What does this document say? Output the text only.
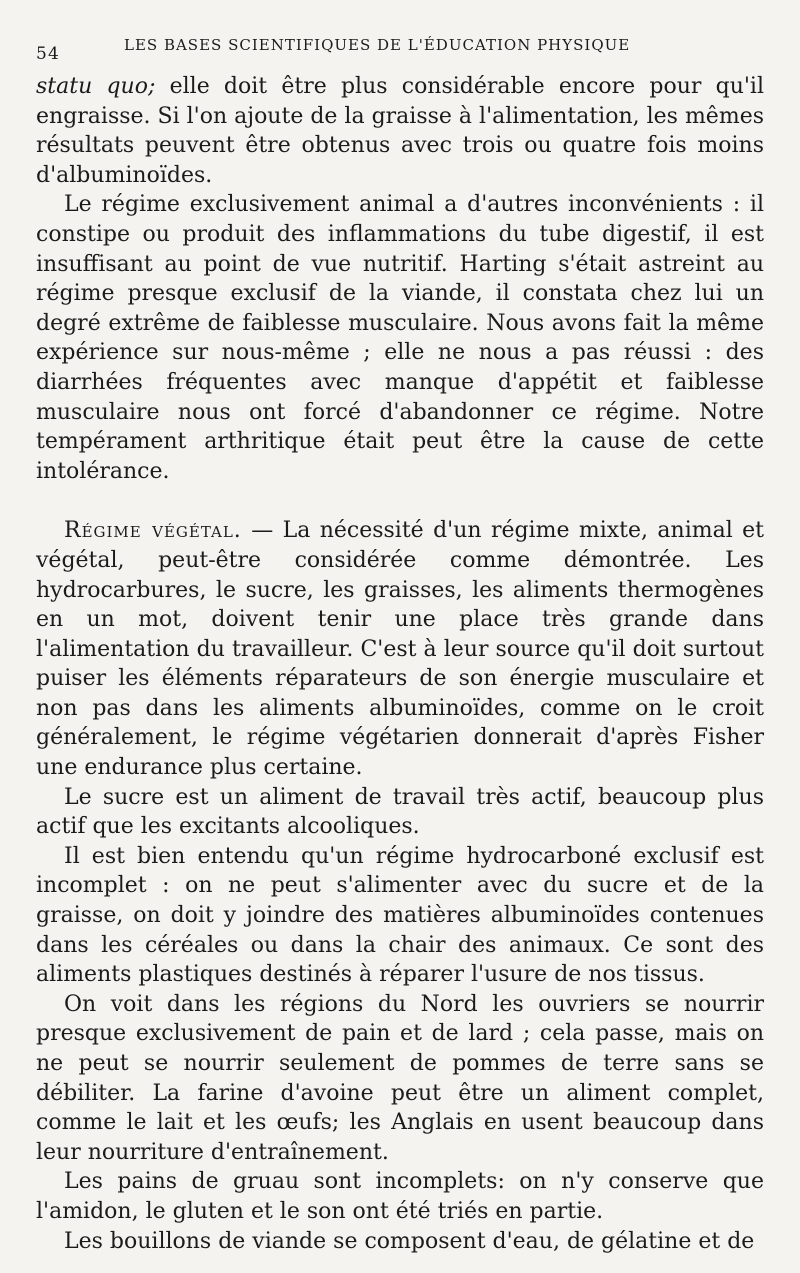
54	LES BASES SCIENTIFIQUES DE L'ÉDUCATION PHYSIQUE

statu quo; elle doit être plus considérable encore pour qu'il engraisse. Si l'on ajoute de la graisse à l'alimentation, les mêmes résultats peuvent être obtenus avec trois ou quatre fois moins d'albuminoïdes.

Le régime exclusivement animal a d'autres inconvénients : il constipe ou produit des inflammations du tube digestif, il est insuffisant au point de vue nutritif. Harting s'était astreint au régime presque exclusif de la viande, il constata chez lui un degré extrême de faiblesse musculaire. Nous avons fait la même expérience sur nous-même ; elle ne nous a pas réussi : des diarrhées fréquentes avec manque d'appétit et faiblesse musculaire nous ont forcé d'abandonner ce régime. Notre tempérament arthritique était peut être la cause de cette intolérance.

Régime végétal. — La nécessité d'un régime mixte, animal et végétal, peut-être considérée comme démontrée. Les hydrocarbures, le sucre, les graisses, les aliments thermogènes en un mot, doivent tenir une place très grande dans l'alimentation du travailleur. C'est à leur source qu'il doit surtout puiser les éléments réparateurs de son énergie musculaire et non pas dans les aliments albuminoïdes, comme on le croit généralement, le régime végétarien donnerait d'après Fisher une endurance plus certaine.

Le sucre est un aliment de travail très actif, beaucoup plus actif que les excitants alcooliques.

Il est bien entendu qu'un régime hydrocarboné exclusif est incomplet : on ne peut s'alimenter avec du sucre et de la graisse, on doit y joindre des matières albuminoïdes contenues dans les céréales ou dans la chair des animaux. Ce sont des aliments plastiques destinés à réparer l'usure de nos tissus.

On voit dans les régions du Nord les ouvriers se nourrir presque exclusivement de pain et de lard ; cela passe, mais on ne peut se nourrir seulement de pommes de terre sans se débiliter. La farine d'avoine peut être un aliment complet, comme le lait et les œufs; les Anglais en usent beaucoup dans leur nourriture d'entraînement.

Les pains de gruau sont incomplets: on n'y conserve que l'amidon, le gluten et le son ont été triés en partie.

Les bouillons de viande se composent d'eau, de gélatine et de
